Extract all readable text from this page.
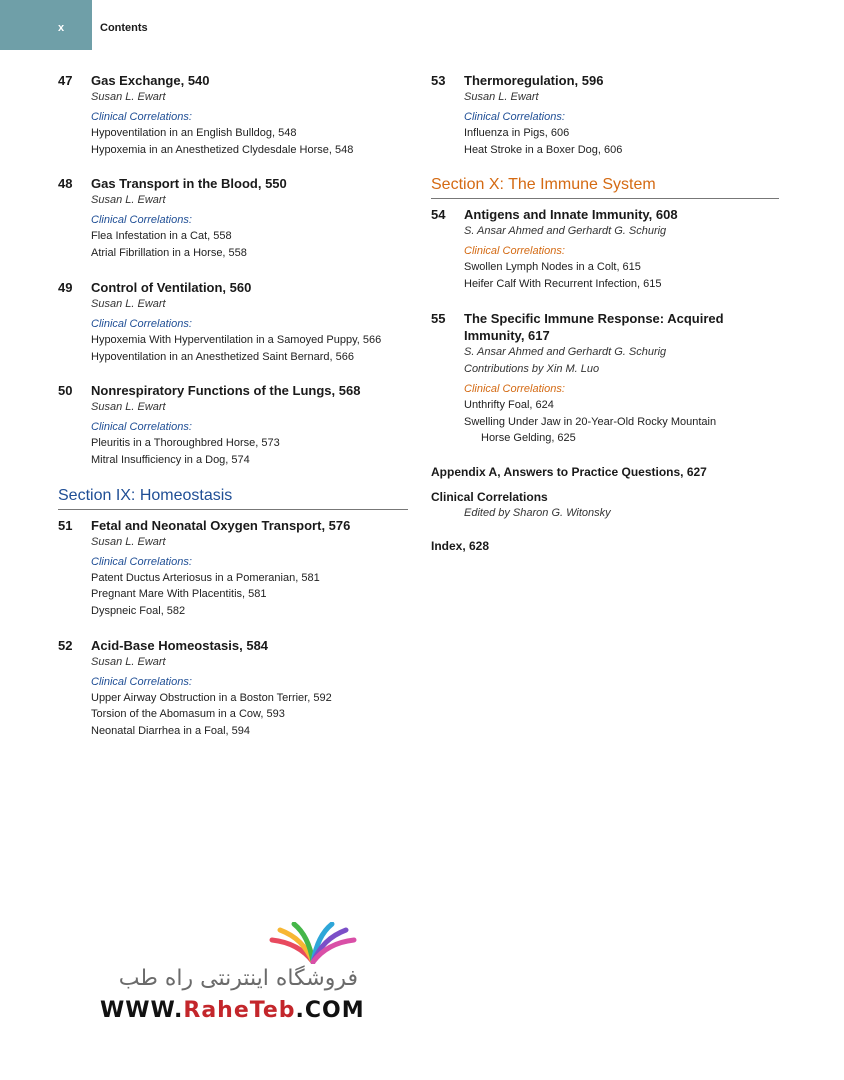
x	Contents
47 Gas Exchange, 540
Susan L. Ewart
Clinical Correlations:
Hypoventilation in an English Bulldog, 548
Hypoxemia in an Anesthetized Clydesdale Horse, 548
48 Gas Transport in the Blood, 550
Susan L. Ewart
Clinical Correlations:
Flea Infestation in a Cat, 558
Atrial Fibrillation in a Horse, 558
49 Control of Ventilation, 560
Susan L. Ewart
Clinical Correlations:
Hypoxemia With Hyperventilation in a Samoyed Puppy, 566
Hypoventilation in an Anesthetized Saint Bernard, 566
50 Nonrespiratory Functions of the Lungs, 568
Susan L. Ewart
Clinical Correlations:
Pleuritis in a Thoroughbred Horse, 573
Mitral Insufficiency in a Dog, 574
Section IX: Homeostasis
51 Fetal and Neonatal Oxygen Transport, 576
Susan L. Ewart
Clinical Correlations:
Patent Ductus Arteriosus in a Pomeranian, 581
Pregnant Mare With Placentitis, 581
Dyspneic Foal, 582
52 Acid-Base Homeostasis, 584
Susan L. Ewart
Clinical Correlations:
Upper Airway Obstruction in a Boston Terrier, 592
Torsion of the Abomasum in a Cow, 593
Neonatal Diarrhea in a Foal, 594
53 Thermoregulation, 596
Susan L. Ewart
Clinical Correlations:
Influenza in Pigs, 606
Heat Stroke in a Boxer Dog, 606
Section X: The Immune System
54 Antigens and Innate Immunity, 608
S. Ansar Ahmed and Gerhardt G. Schurig
Clinical Correlations:
Swollen Lymph Nodes in a Colt, 615
Heifer Calf With Recurrent Infection, 615
55 The Specific Immune Response: Acquired
Immunity, 617
S. Ansar Ahmed and Gerhardt G. Schurig
Contributions by Xin M. Luo
Clinical Correlations:
Unthrifty Foal, 624
Swelling Under Jaw in 20-Year-Old Rocky Mountain
Horse Gelding, 625
Appendix A, Answers to Practice Questions, 627
Clinical Correlations
Edited by Sharon G. Witonsky
Index, 628
فروشگاه اینترنتی راه طب
WWW.RaheTeb.COM
